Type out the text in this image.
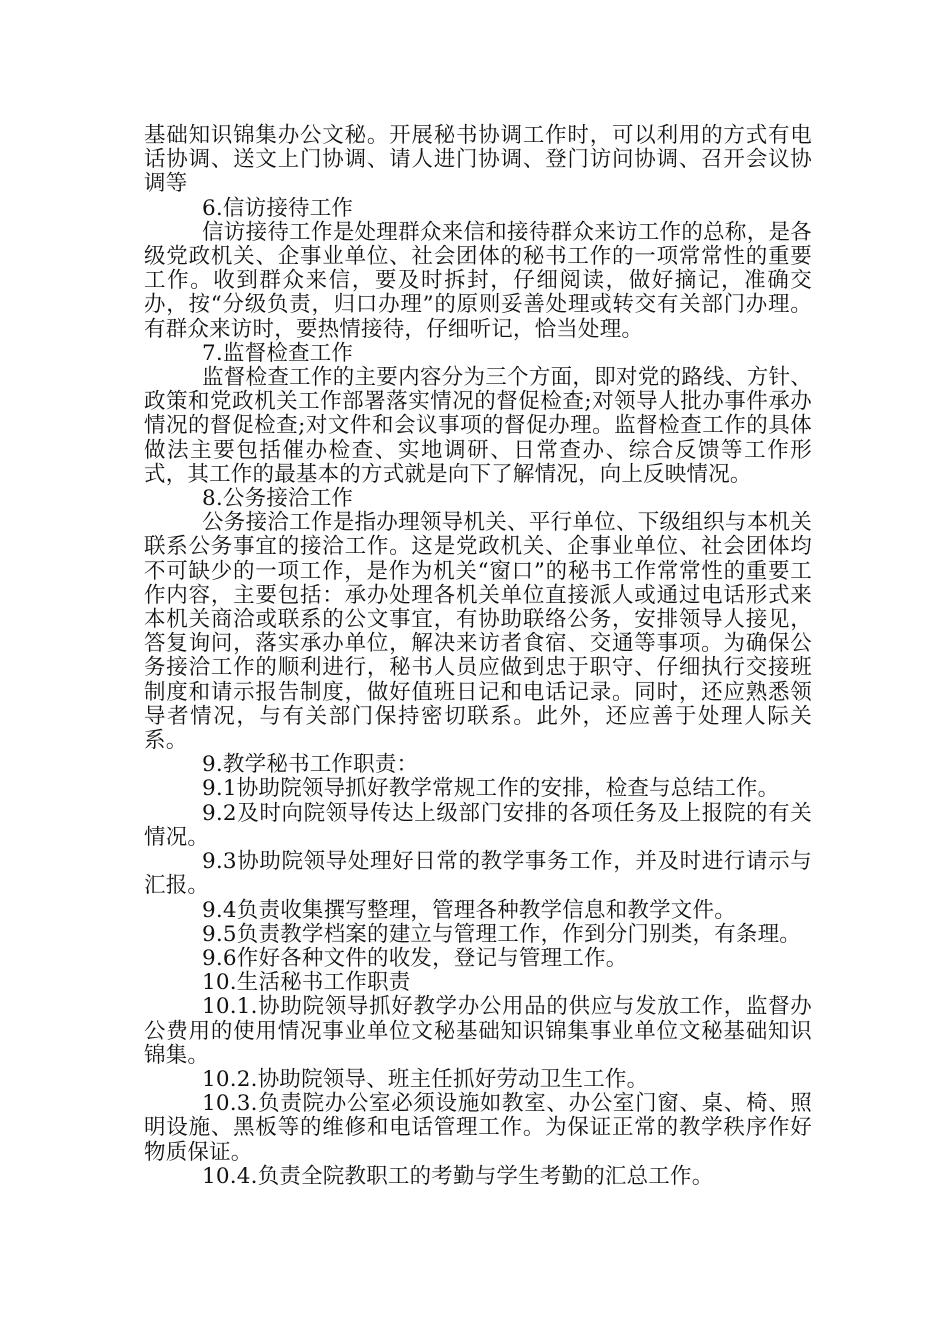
基础知识锦集办公文秘。开展秘书协调工作时，可以利用的方式有电话协调、送文上门协调、请人进门协调、登门访问协调、召开会议协调等

6.信访接待工作

信访接待工作是处理群众来信和接待群众来访工作的总称，是各级党政机关、企事业单位、社会团体的秘书工作的一项常常性的重要工作。收到群众来信，要及时拆封，仔细阅读，做好摘记，准确交办，按“分级负责，归口办理”的原则妥善处理或转交有关部门办理。有群众来访时，要热情接待，仔细听记，恰当处理。

7.监督检查工作

监督检查工作的主要内容分为三个方面，即对党的路线、方针、政策和党政机关工作部署落实情况的督促检查;对领导人批办事件承办情况的督促检查;对文件和会议事项的督促办理。监督检查工作的具体做法主要包括催办检查、实地调研、日常查办、综合反馈等工作形式，其工作的最基本的方式就是向下了解情况，向上反映情况。

8.公务接洽工作

公务接洽工作是指办理领导机关、平行单位、下级组织与本机关联系公务事宜的接洽工作。这是党政机关、企事业单位、社会团体均不可缺少的一项工作，是作为机关“窗口”的秘书工作常常性的重要工作内容，主要包括：承办处理各机关单位直接派人或通过电话形式来本机关商洽或联系的公文事宜，有协助联络公务，安排领导人接见，答复询问，落实承办单位，解决来访者食宿、交通等事项。为确保公务接洽工作的顺利进行，秘书人员应做到忠于职守、仔细执行交接班制度和请示报告制度，做好值班日记和电话记录。同时，还应熟悉领导者情况，与有关部门保持密切联系。此外，还应善于处理人际关系。

9.教学秘书工作职责：

9.1协助院领导抓好教学常规工作的安排，检查与总结工作。

9.2及时向院领导传达上级部门安排的各项任务及上报院的有关情况。

9.3协助院领导处理好日常的教学事务工作，并及时进行请示与汇报。

9.4负责收集撰写整理，管理各种教学信息和教学文件。

9.5负责教学档案的建立与管理工作，作到分门别类，有条理。

9.6作好各种文件的收发，登记与管理工作。

10.生活秘书工作职责

10.1.协助院领导抓好教学办公用品的供应与发放工作，监督办公费用的使用情况事业单位文秘基础知识锦集事业单位文秘基础知识锦集。

10.2.协助院领导、班主任抓好劳动卫生工作。

10.3.负责院办公室必须设施如教室、办公室门窗、桌、椅、照明设施、黑板等的维修和电话管理工作。为保证正常的教学秩序作好物质保证。

10.4.负责全院教职工的考勤与学生考勤的汇总工作。
